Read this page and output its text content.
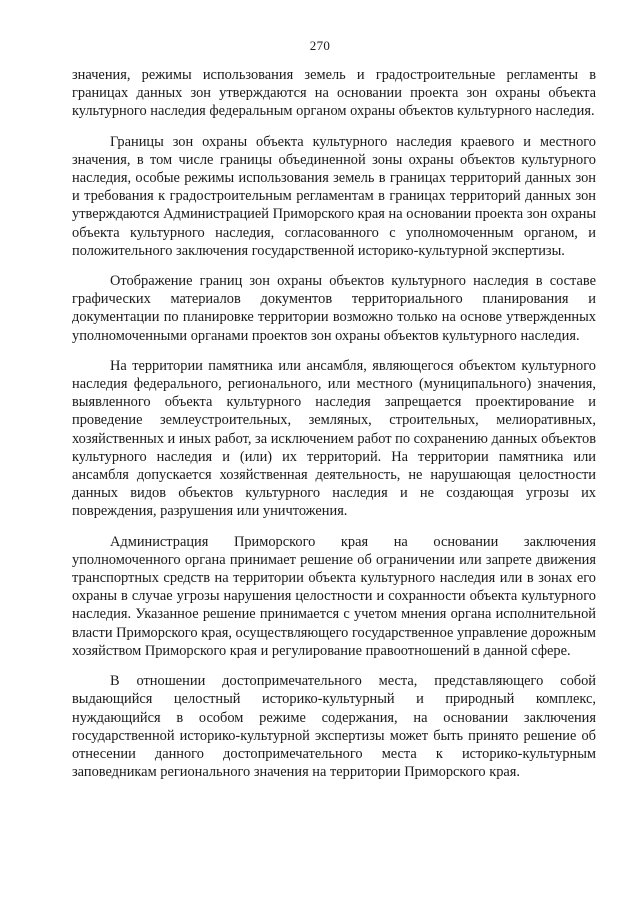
270

значения, режимы использования земель и градостроительные регламенты в границах данных зон утверждаются на основании проекта зон охраны объекта культурного наследия федеральным органом охраны объектов культурного наследия.

Границы зон охраны объекта культурного наследия краевого и местного значения, в том числе границы объединенной зоны охраны объектов культурного наследия, особые режимы использования земель в границах территорий данных зон и требования к градостроительным регламентам в границах территорий данных зон утверждаются Администрацией Приморского края на основании проекта зон охраны объекта культурного наследия, согласованного с уполномоченным органом, и положительного заключения государственной историко-культурной экспертизы.

Отображение границ зон охраны объектов культурного наследия в составе графических материалов документов территориального планирования и документации по планировке территории возможно только на основе утвержденных уполномоченными органами проектов зон охраны объектов культурного наследия.

На территории памятника или ансамбля, являющегося объектом культурного наследия федерального, регионального, или местного (муниципального) значения, выявленного объекта культурного наследия запрещается проектирование и проведение землеустроительных, земляных, строительных, мелиоративных, хозяйственных и иных работ, за исключением работ по сохранению данных объектов культурного наследия и (или) их территорий. На территории памятника или ансамбля допускается хозяйственная деятельность, не нарушающая целостности данных видов объектов культурного наследия и не создающая угрозы их повреждения, разрушения или уничтожения.

Администрация Приморского края на основании заключения уполномоченного органа принимает решение об ограничении или запрете движения транспортных средств на территории объекта культурного наследия или в зонах его охраны в случае угрозы нарушения целостности и сохранности объекта культурного наследия. Указанное решение принимается с учетом мнения органа исполнительной власти Приморского края, осуществляющего государственное управление дорожным хозяйством Приморского края и регулирование правоотношений в данной сфере.

В отношении достопримечательного места, представляющего собой выдающийся целостный историко-культурный и природный комплекс, нуждающийся в особом режиме содержания, на основании заключения государственной историко-культурной экспертизы может быть принято решение об отнесении данного достопримечательного места к историко-культурным заповедникам регионального значения на территории Приморского края.
